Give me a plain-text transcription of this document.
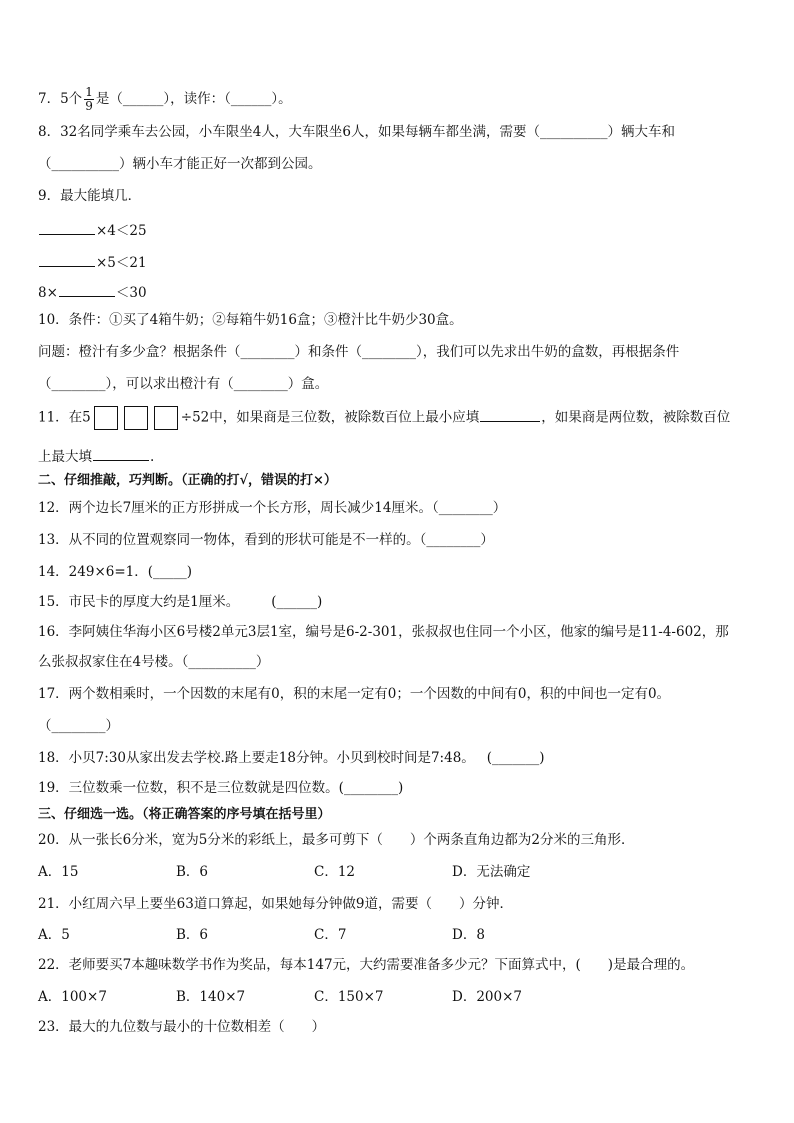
7．5个 $\frac{1}{9}$ 是（______），读作：（______）。
8．32名同学乘车去公园，小车限坐4人，大车限坐6人，如果每辆车都坐满，需要（__________）辆大车和
（__________）辆小车才能正好一次都到公园。
9．最大能填几．
×4＜25
×5＜21
8×	＜30
10．条件：①买了4箱牛奶；②每箱牛奶16盒；③橙汁比牛奶少30盒。
问题：橙汁有多少盒？根据条件（________）和条件（________），我们可以先求出牛奶的盒数，再根据条件
（________），可以求出橙汁有（________）盒。
11．在5	÷52中，如果商是三位数，被除数百位上最小应填	，如果商是两位数，被除数百位
上最大填	.
二、仔细推敲，巧判断。（正确的打√，错误的打×）
12．两个边长7厘米的正方形拼成一个长方形，周长减少14厘米。（________）
13．从不同的位置观察同一物体，看到的形状可能是不一样的。（________）
14．249×6=1．(_____)
15．市民卡的厚度大约是1厘米。 (______)
16．李阿姨住华海小区6号楼2单元3层1室，编号是6-2-301，张叔叔也住同一个小区，他家的编号是11-4-602，那
么张叔叔家住在4号楼。（__________）
17．两个数相乘时，一个因数的末尾有0，积的末尾一定有0；一个因数的中间有0，积的中间也一定有0。
（________）
18．小贝7:30从家出发去学校.路上要走18分钟。小贝到校时间是7:48。 (_______)
19．三位数乘一位数，积不是三位数就是四位数。(________)
三、仔细选一选。（将正确答案的序号填在括号里）
20．从一张长6分米，宽为5分米的彩纸上，最多可剪下（　　）个两条直角边都为2分米的三角形．
A．15	B．6	C．12	D．无法确定
21．小红周六早上要坐63道口算起，如果她每分钟做9道，需要（　　）分钟．
A．5	B．6	C．7	D．8
22．老师要买7本趣味数学书作为奖品，每本147元，大约需要准备多少元？下面算式中，(　　)是最合理的。
A．100×7	B．140×7	C．150×7	D．200×7
23．最大的九位数与最小的十位数相差（　　）
